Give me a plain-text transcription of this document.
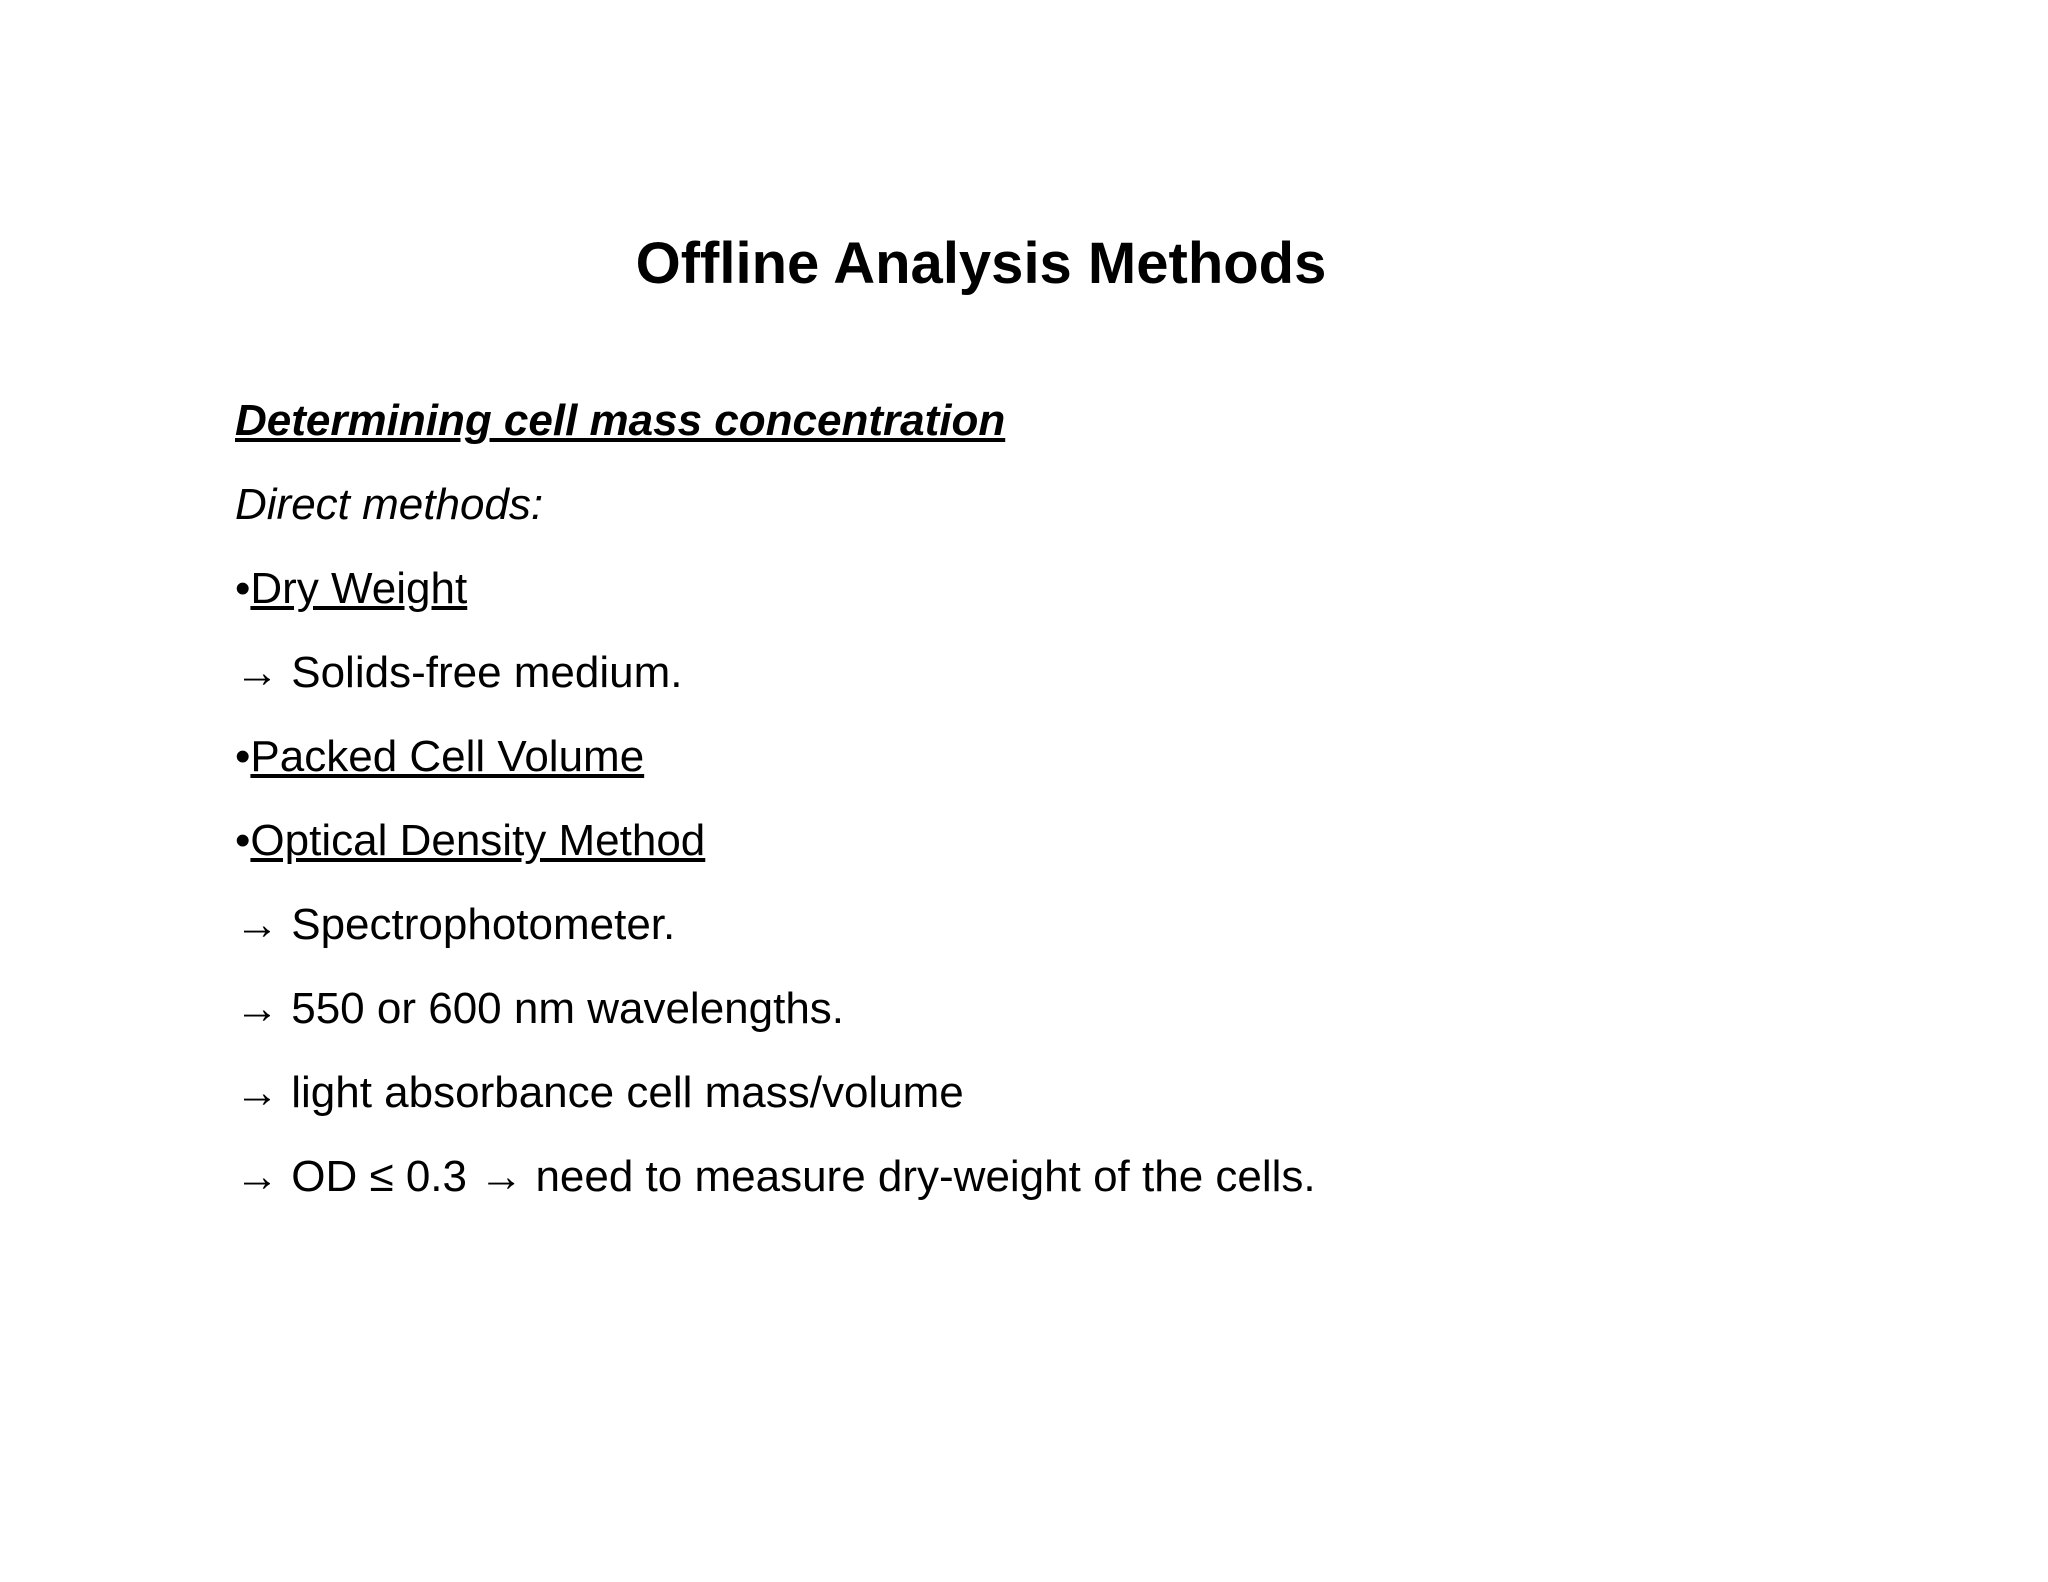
Offline Analysis Methods
Determining cell mass concentration
Direct methods:
•Dry Weight
→ Solids-free medium.
•Packed Cell Volume
•Optical Density Method
→ Spectrophotometer.
→ 550 or 600 nm wavelengths.
→ light absorbance cell mass/volume
→ OD ≤ 0.3 → need to measure dry-weight of the cells.
